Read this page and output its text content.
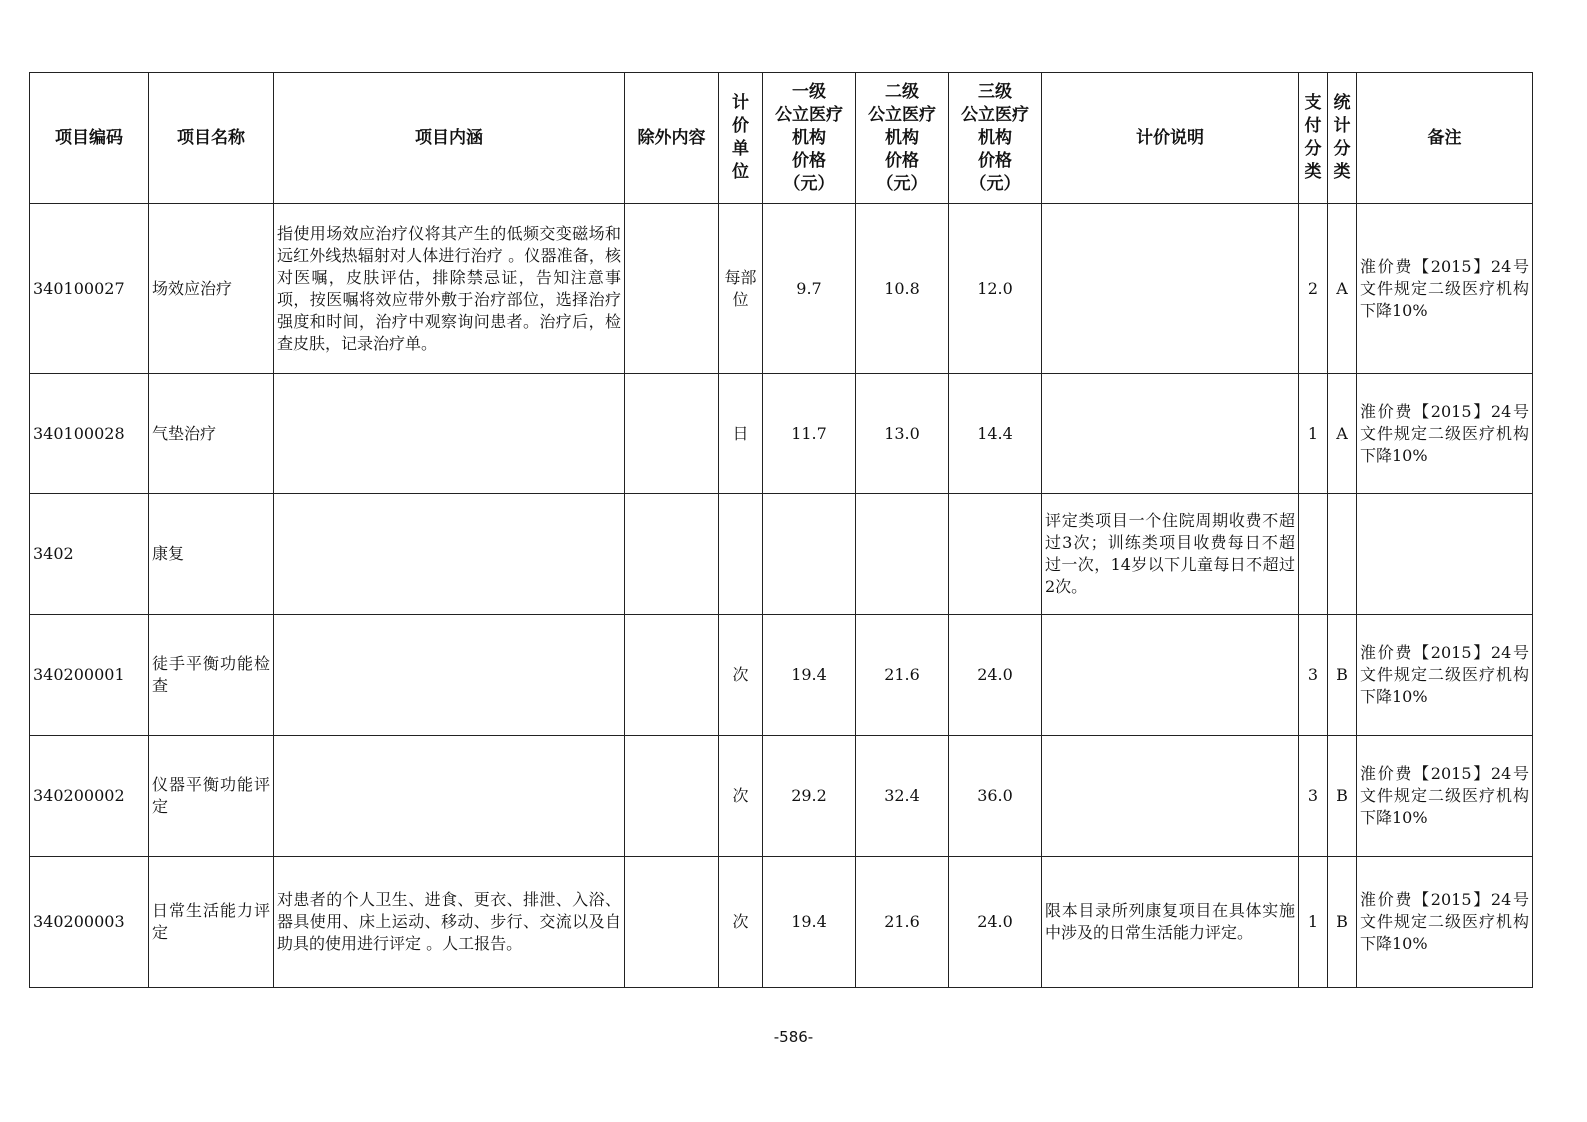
项目编码	项目名称	项目内涵	除外内容	计价单位	一级
公立医疗
机构
价格
（元）	二级
公立医疗
机构
价格
（元）	三级
公立医疗
机构
价格
（元）	计价说明	支付分类	统计分类	备注
340100027	场效应治疗	指使用场效应治疗仪将其产生的低频交变磁场和远红外线热辐射对人体进行治疗 。仪器准备，核对医嘱，皮肤评估，排除禁忌证，告知注意事项，按医嘱将效应带外敷于治疗部位，选择治疗强度和时间，治疗中观察询问患者。治疗后，检查皮肤，记录治疗单。		每部位	9.7	10.8	12.0		2	A	淮价费【2015】24号文件规定二级医疗机构下降10%
340100028	气垫治疗			日	11.7	13.0	14.4		1	A	淮价费【2015】24号文件规定二级医疗机构下降10%
3402	康复							评定类项目一个住院周期收费不超过3次；训练类项目收费每日不超过一次，14岁以下儿童每日不超过2次。			
340200001	徒手平衡功能检查			次	19.4	21.6	24.0		3	B	淮价费【2015】24号文件规定二级医疗机构下降10%
340200002	仪器平衡功能评定			次	29.2	32.4	36.0		3	B	淮价费【2015】24号文件规定二级医疗机构下降10%
340200003	日常生活能力评定	对患者的个人卫生、进食、更衣、排泄、入浴、器具使用、床上运动、移动、步行、交流以及自助具的使用进行评定 。人工报告。		次	19.4	21.6	24.0	限本目录所列康复项目在具体实施中涉及的日常生活能力评定。	1	B	淮价费【2015】24号文件规定二级医疗机构下降10%
-586-
